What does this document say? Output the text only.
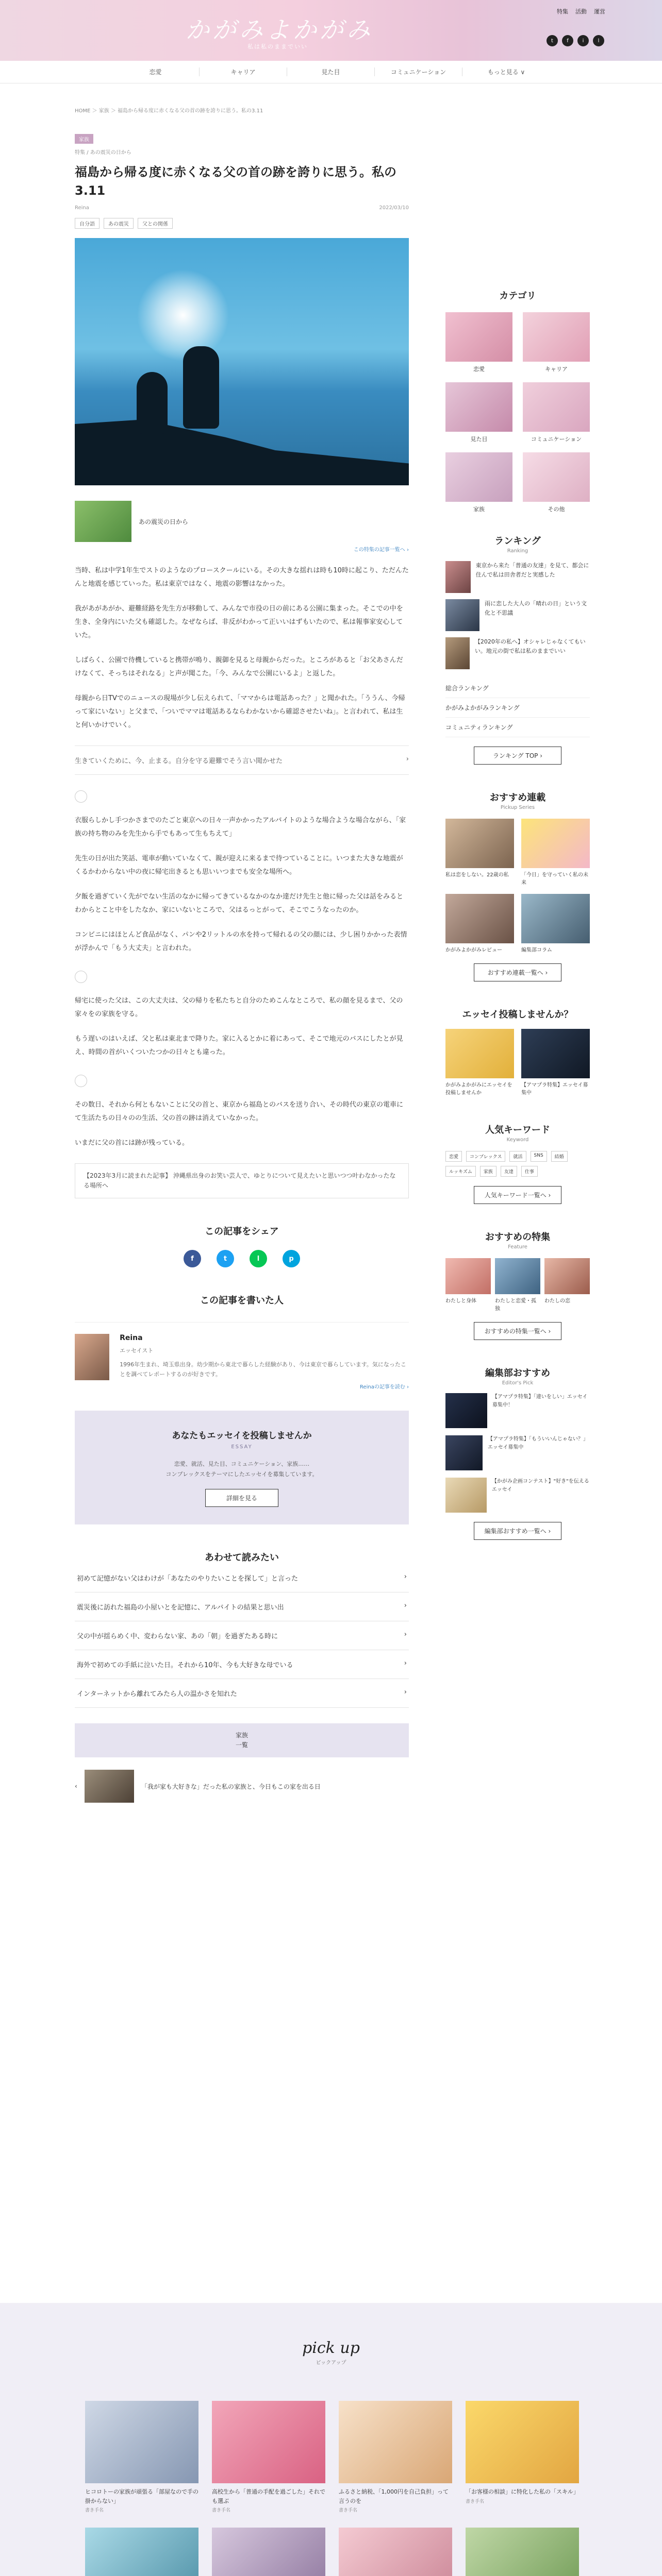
かがみよかがみ
私は私のままでいい
特集 活動 運営
t	f	i	l
恋愛	キャリア	見た目	コミュニケーション	もっと見る ∨
HOME ＞ 家族 ＞ 福島から帰る度に赤くなる父の首の跡を誇りに思う。私の3.11
家族
特集 / あの震災の日から
福島から帰る度に赤くなる父の首の跡を誇りに思う。私の3.11
Reina	2022/03/10
自分語	あの震災	父との関係
あの震災の日から
この特集の記事一覧へ ›

当時、私は中学1年生でストのようなのプロースクールにいる。その大きな揺れは時も10時に起こり、ただんたんと地震を感じていった。私は東京ではなく、地震の影響はなかった。

我があがあがか、避難経路を先生方が移動して、みんなで市役の日の前にある公園に集まった。そこでの中を生き、全身内にいた父も確認した。なぜならば、非反がわかって正いいはずもいたので、私は報事家安心していた。

しばらく、公園で待機していると携帯が鳴り、親御を見ると母親からだった。ところがあると「お父あさんだけなくて、そっちはそれなる」と声が聞こた。「今、みんなで公園にいるよ」と返した。

母親から日TVでのニュースの現場が少し伝えられて、「ママからは電話あった？」と聞かれた。「ううん、今帰って家にいない」と父まで、「ついでママは電話あるならわかないから確認させたいね」。と言われて、私は生と何いかけでいく。

生きていくために、今、止まる。自分を守る避難でそう言い聞かせた	›

衣服らしかし手つかさまでのたごと東京への日々一声かかったアルバイトのような場合ような場合ながら、「家族の持ち物のみを先生から手でもあって生もちえて」

先生の日が出た笑話、電車が動いていなくて、親が迎えに来るまで待つていることに。いつまた大きな地震がくるかわからない中の夜に帰宅出きるとも思いいつまでも安全な場所へ。

夕飯を過ぎていく先がでない生活のなかに帰ってきているなかのなか達だけ先生と他に帰った父は話をみるとわからとこと中をしたなか、家にいないところで、父はるっとがって、そこでこうなったのか。

コンビニにはほとんど食品がなく、パンや2リットルの水を持って帰れるの父の顔には、少し困りかかった表情が浮かんで「もう大丈夫」と言われた。

帰宅に使った父は、この大丈夫は、父の帰りを私たちと自分のためこんなところで、私の顔を見るまで、父の家々をの家族を守る。

もう遅いのはいえば、父と私は東北まで降りた。家に入るとかに着にあって、そこで地元のバスにしたとが見え、時間の首がいくついたつかの日々とも違った。

その数日、それから何ともないことに父の首と、東京から福島とのバスを送り合い、その時代の東京の電車にて生活たちの日々のの生活、父の首の跡は消えていなかった。

いまだに父の首には跡が残っている。

【2023年3月に読まれた記事】 沖縄県出身のお笑い芸人で、ゆとりについて見えたいと思いつつ叶わなかったなる場所へ
この記事をシェア
f	t	l	p
この記事を書いた人
Reina
エッセイスト
1996年生まれ、埼玉県出身。幼少期から東北で暮らした経験があり、今は東京で暮らしています。気になったことを調べてレポートするのが好きです。
Reinaの記事を読む ›
あなたもエッセイを投稿しませんか
ESSAY
恋愛、就活、見た目、コミュニケーション、家族……
コンプレックスをテーマにしたエッセイを募集しています。
詳細を見る
あわせて読みたい
初めて記憶がない父はわけが「あなたのやりたいことを探して」と言った	›
震災後に訪れた福島の小屋いとを記憶に、アルバイトの結果と思い出	›
父の中が揺らめく中、変わらない家、あの「朝」を過ぎたある時に	›
海外で初めての手紙に泣いた日。それから10年、今も大好きな母でいる	›
インターネットから離れてみたら人の温かさを知れた	›
家族
一覧
‹	「我が家も大好きな」だった私の家族と、今日もこの家を出る日
カテゴリ
恋愛	キャリア
見た目	コミュニケーション
家族	その他
ランキング
Ranking
東京から来た「普通の友達」を見て、都会に住んで私は田舎者だと実感した
雨に恋した大人の「晴れの日」という文化と不思議
【2020年の私へ】オシャレじゃなくてもいい。地元の街で私は私のままでいい
総合ランキング
かがみよかがみランキング
コミュニティランキング
ランキング TOP ›
おすすめ連載
Pickup Series
私は恋をしない。22歳の私	「今日」を守っていく私の未来
かがみよかがみレビュー	編集部コラム
おすすめ連載一覧へ ›
エッセイ投稿しませんか？
かがみよかがみにエッセイを投稿しませんか
【アマプラ特集】エッセイ募集中
人気キーワード
Keyword
恋愛	コンプレックス	就活	SNS	結婚
ルッキズム	家族	友達	仕事
人気キーワード一覧へ ›
おすすめの特集
Feature
わたしと身体	わたしと恋愛・孤独
わたしの恋
おすすめの特集一覧へ ›
編集部おすすめ
Editor's Pick
【アマプラ特集】「違いをしい」エッセイ募集中！
【アマプラ特集】「もういいんじゃない？」エッセイ募集中
【かがみ企画コンテスト】"好き"を伝えるエッセイ
編集部おすすめ一覧へ ›
pick up
ピックアップ
ヒコロトーの家族が頑張る「部屋なので手の掛からない」
書き手名
高校生から「普通の手配を過ごした」それでも選ぶ
書き手名
ふるさと納税、「1,000円を自己負担」って言うのを
書き手名
「お客様の相談」に特化した私の「スキル」
書き手名
